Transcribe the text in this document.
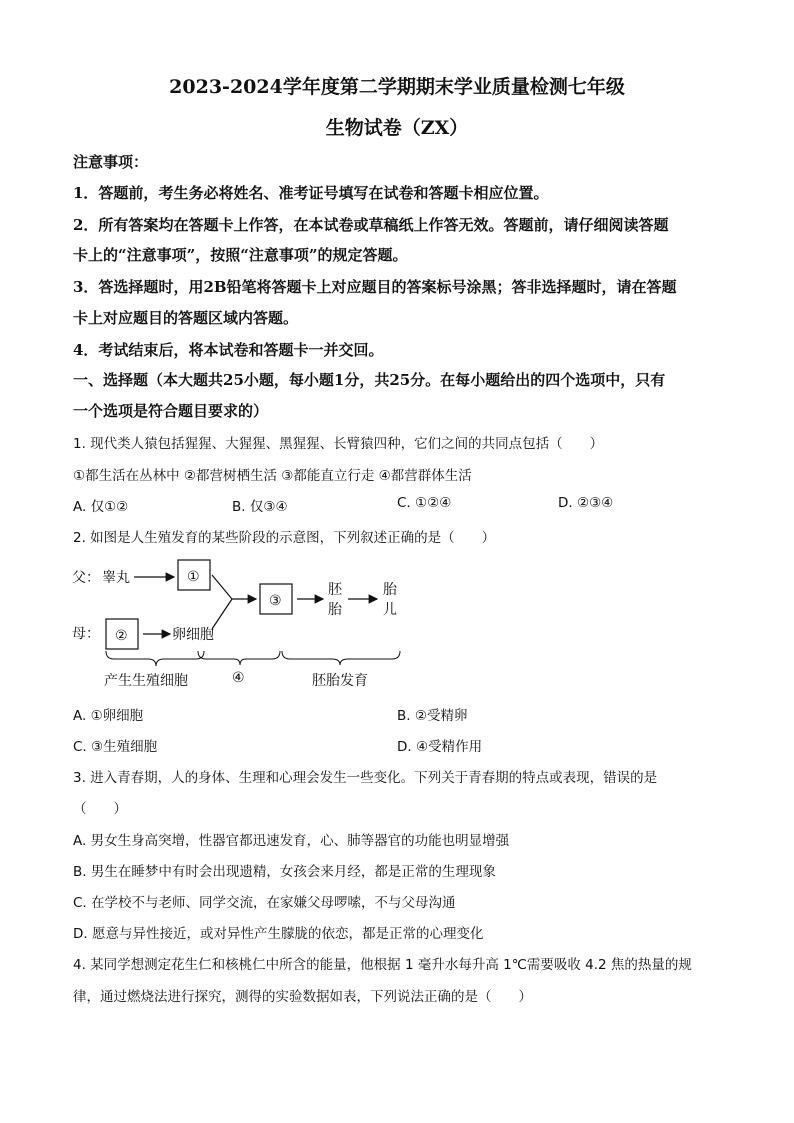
2023-2024学年度第二学期期末学业质量检测七年级
生物试卷（ZX）
注意事项：
1．答题前，考生务必将姓名、准考证号填写在试卷和答题卡相应位置。
2．所有答案均在答题卡上作答，在本试卷或草稿纸上作答无效。答题前，请仔细阅读答题
卡上的“注意事项”，按照“注意事项”的规定答题。
3．答选择题时，用2B铅笔将答题卡上对应题目的答案标号涂黑；答非选择题时，请在答题
卡上对应题目的答题区域内答题。
4．考试结束后，将本试卷和答题卡一并交回。
一、选择题（本大题共25小题，每小题1分，共25分。在每小题给出的四个选项中，只有
一个选项是符合题目要求的）
1. 现代类人猿包括猩猩、大猩猩、黑猩猩、长臂猿四种，它们之间的共同点包括（　　）
①都生活在丛林中 ②都营树栖生活 ③都能直立行走 ④都营群体生活
A. 仅①②	B. 仅③④	C. ①②④	D. ②③④
2. 如图是人生殖发育的某些阶段的示意图，下列叙述正确的是（　　）
父： 睾丸	①
母： ②	卵细胞
③
胚
胎
胎
儿
产生生殖细胞	④	胚胎发育
A. ①卵细胞	B. ②受精卵
C. ③生殖细胞	D. ④受精作用
3. 进入青春期，人的身体、生理和心理会发生一些变化。下列关于青春期的特点或表现，错误的是
（　　）
A. 男女生身高突增，性器官都迅速发育，心、肺等器官的功能也明显增强
B. 男生在睡梦中有时会出现遗精，女孩会来月经，都是正常的生理现象
C. 在学校不与老师、同学交流，在家嫌父母啰嗦，不与父母沟通
D. 愿意与异性接近，或对异性产生朦胧的依恋，都是正常的心理变化
4. 某同学想测定花生仁和核桃仁中所含的能量，他根据 1 毫升水每升高 1℃需要吸收 4.2 焦的热量的规
律，通过燃烧法进行探究，测得的实验数据如表，下列说法正确的是（　　）
